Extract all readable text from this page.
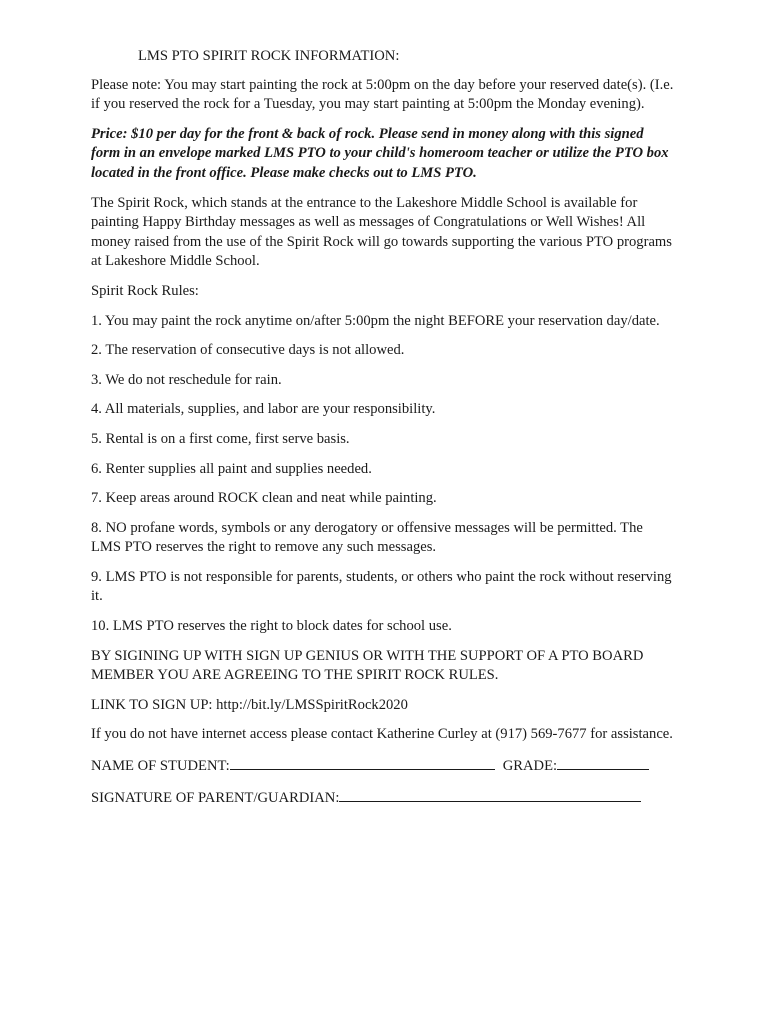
LMS PTO SPIRIT ROCK INFORMATION:

Please note: You may start painting the rock at 5:00pm on the day before your reserved date(s). (I.e. if you reserved the rock for a Tuesday, you may start painting at 5:00pm the Monday evening).

Price: $10 per day for the front & back of rock. Please send in money along with this signed form in an envelope marked LMS PTO to your child's homeroom teacher or utilize the PTO box located in the front office. Please make checks out to LMS PTO.

The Spirit Rock, which stands at the entrance to the Lakeshore Middle School is available for painting Happy Birthday messages as well as messages of Congratulations or Well Wishes! All money raised from the use of the Spirit Rock will go towards supporting the various PTO programs at Lakeshore Middle School.

Spirit Rock Rules:

1. You may paint the rock anytime on/after 5:00pm the night BEFORE your reservation day/date.

2. The reservation of consecutive days is not allowed.

3. We do not reschedule for rain.

4. All materials, supplies, and labor are your responsibility.

5. Rental is on a first come, first serve basis.

6. Renter supplies all paint and supplies needed.

7. Keep areas around ROCK clean and neat while painting.

8. NO profane words, symbols or any derogatory or offensive messages will be permitted. The LMS PTO reserves the right to remove any such messages.

9. LMS PTO is not responsible for parents, students, or others who paint the rock without reserving it.

10. LMS PTO reserves the right to block dates for school use.

BY SIGINING UP WITH SIGN UP GENIUS OR WITH THE SUPPORT OF A PTO BOARD MEMBER YOU ARE AGREEING TO THE SPIRIT ROCK RULES.

LINK TO SIGN UP: http://bit.ly/LMSSpiritRock2020

If you do not have internet access please contact Katherine Curley at (917) 569-7677 for assistance.

NAME OF STUDENT:	GRADE:

SIGNATURE OF PARENT/GUARDIAN:
